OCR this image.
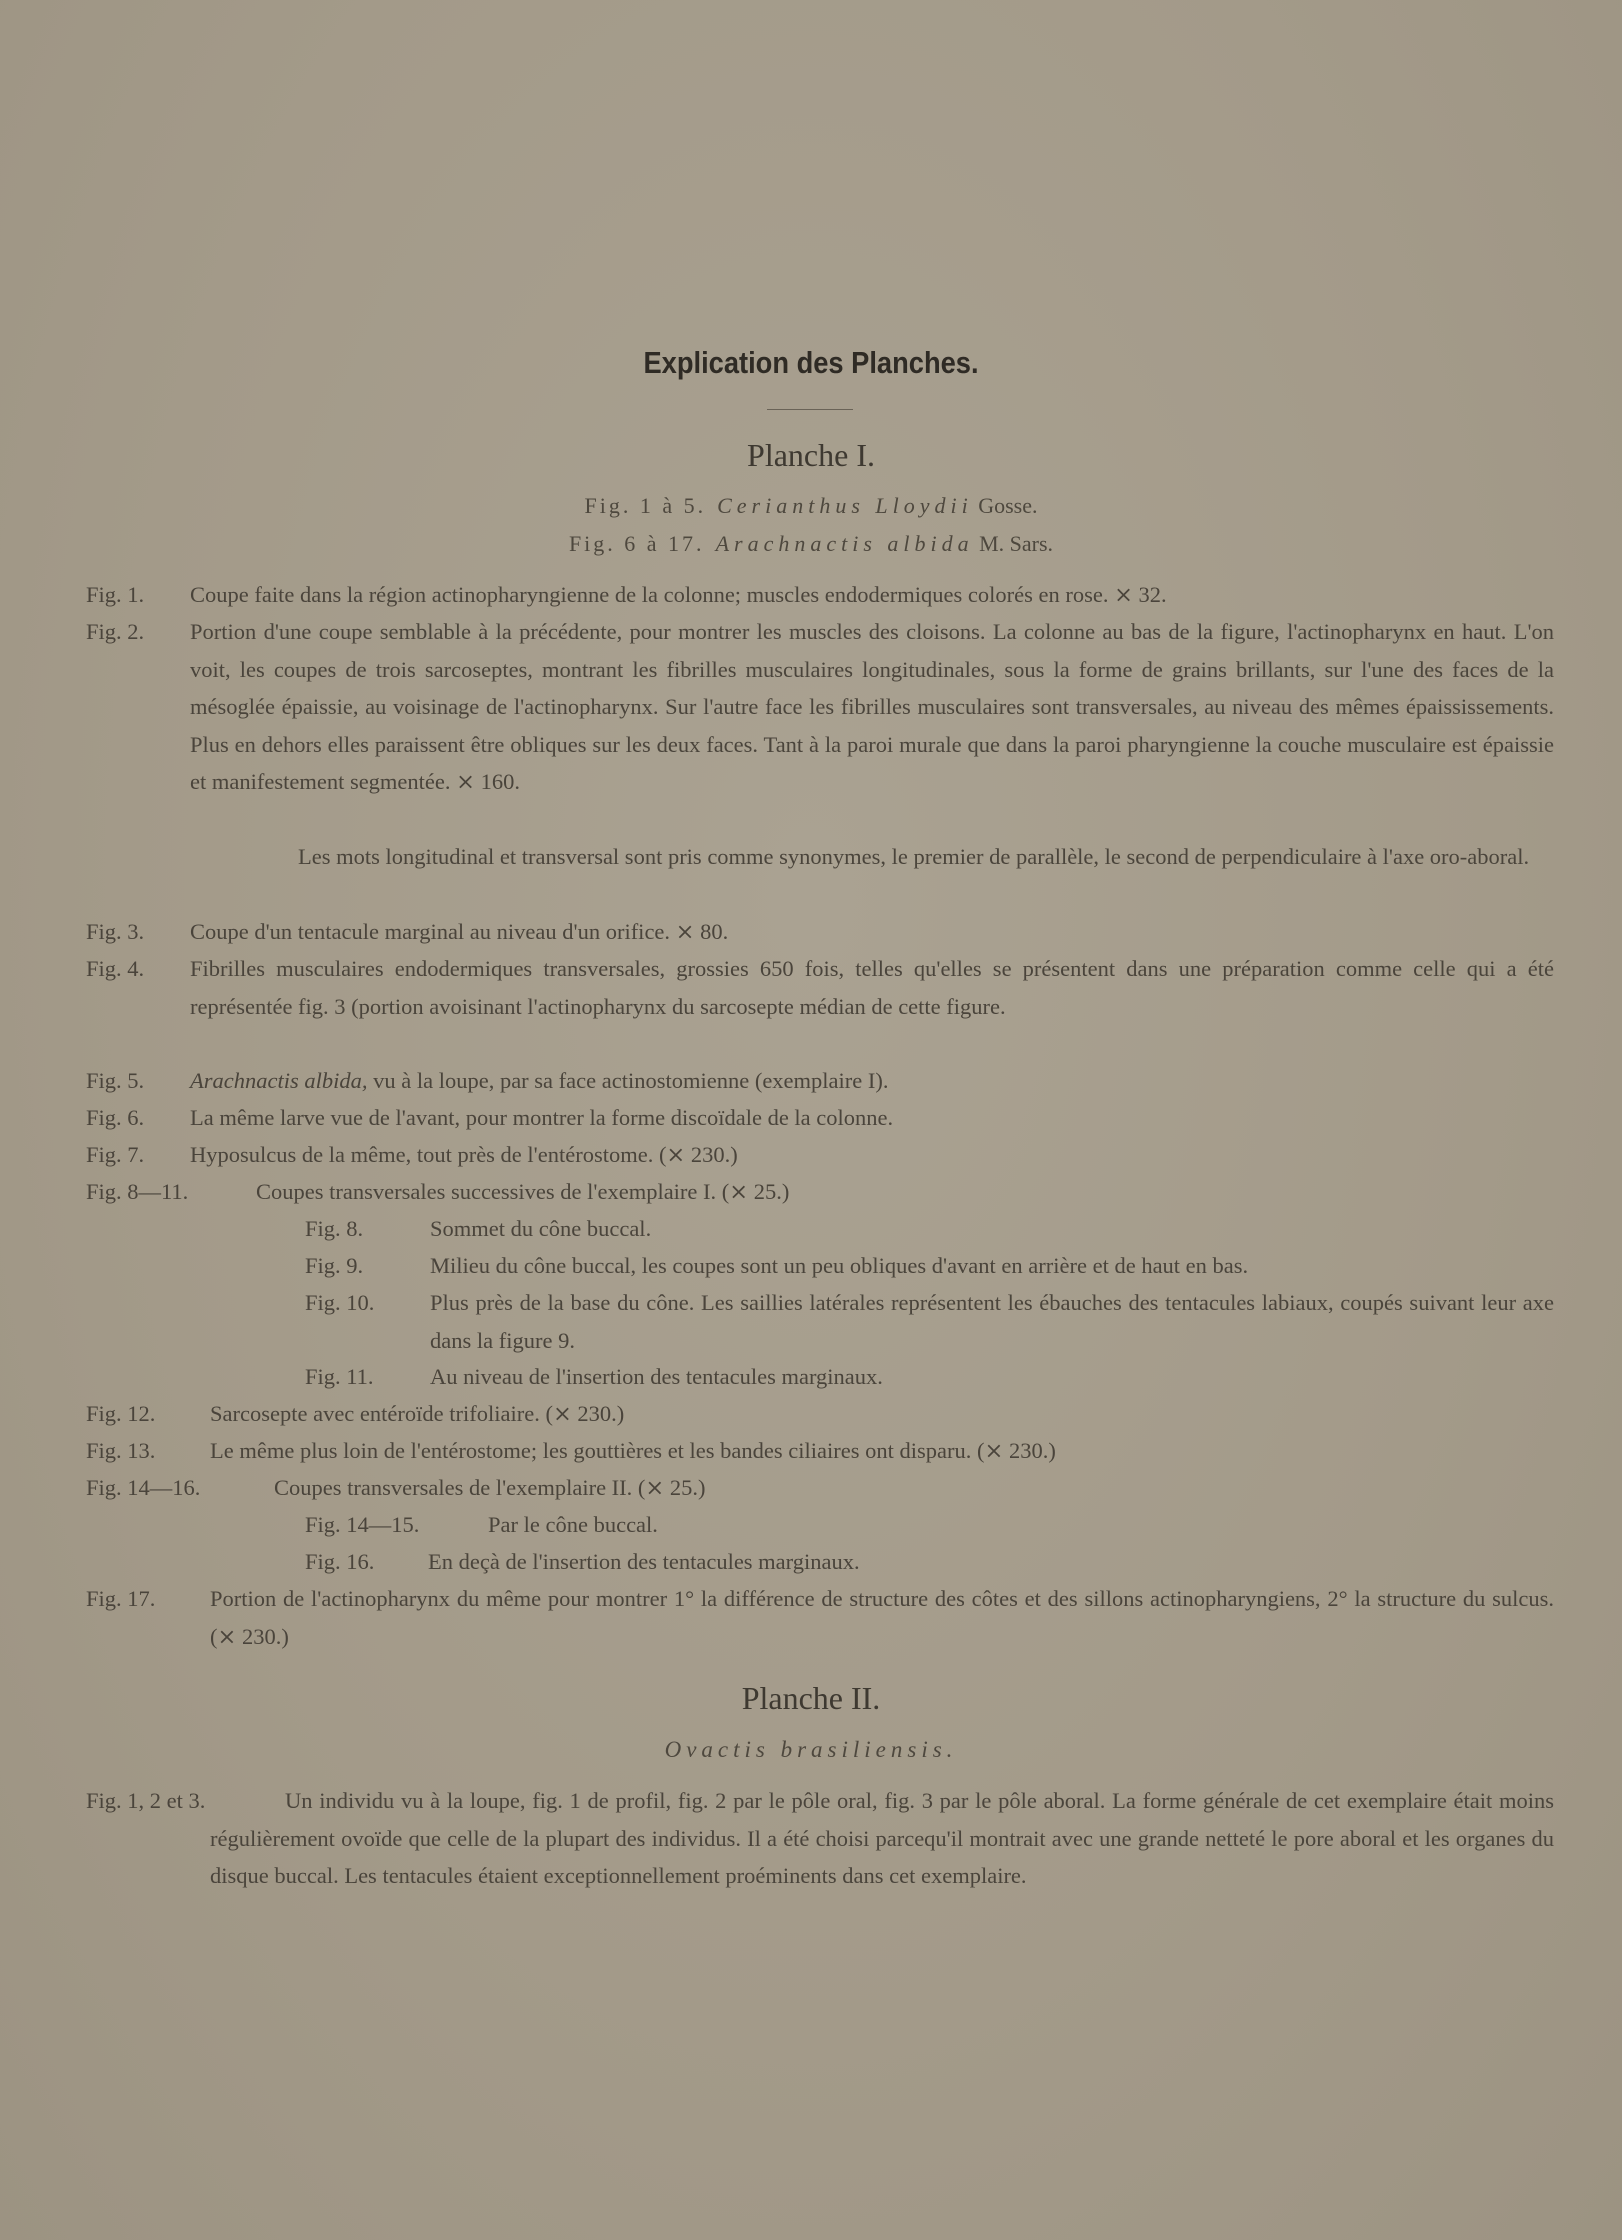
Explication des Planches.
Planche I.
Fig. 1 à 5. Cerianthus Lloydii Gosse.
Fig. 6 à 17. Arachnactis albida M. Sars.
Fig. 1. Coupe faite dans la région actinopharyngienne de la colonne; muscles endodermiques colorés en rose. ⨯ 32.
Fig. 2. Portion d'une coupe semblable à la précédente, pour montrer les muscles des cloisons. La colonne au bas de la figure, l'actinopharynx en haut. L'on voit, les coupes de trois sarcoseptes, montrant les fibrilles musculaires longitudinales, sous la forme de grains brillants, sur l'une des faces de la mésoglée épaissie, au voisinage de l'actinopharynx. Sur l'autre face les fibrilles musculaires sont transversales, au niveau des mêmes épaississements. Plus en dehors elles paraissent être obliques sur les deux faces. Tant à la paroi murale que dans la paroi pharyngienne la couche musculaire est épaissie et manifestement segmentée. ⨯ 160.
Les mots longitudinal et transversal sont pris comme synonymes, le premier de parallèle, le second de perpendiculaire à l'axe oro-aboral.
Fig. 3. Coupe d'un tentacule marginal au niveau d'un orifice. ⨯ 80.
Fig. 4. Fibrilles musculaires endodermiques transversales, grossies 650 fois, telles qu'elles se présentent dans une préparation comme celle qui a été représentée fig. 3 (portion avoisinant l'actinopharynx du sarcosepte médian de cette figure.
Fig. 5. Arachnactis albida, vu à la loupe, par sa face actinostomienne (exemplaire I).
Fig. 6. La même larve vue de l'avant, pour montrer la forme discoïdale de la colonne.
Fig. 7. Hyposulcus de la même, tout près de l'entérostome. (⨯ 230.)
Fig. 8—11.	Coupes transversales successives de l'exemplaire I. (⨯ 25.)
Fig. 8.	Sommet du cône buccal.
Fig. 9.	Milieu du cône buccal, les coupes sont un peu obliques d'avant en arrière et de haut en bas.
Fig. 10. Plus près de la base du cône. Les saillies latérales représentent les ébauches des tentacules labiaux, coupés suivant leur axe dans la figure 9.
Fig. 11.	Au niveau de l'insertion des tentacules marginaux.
Fig. 12. Sarcosepte avec entéroïde trifoliaire. (⨯ 230.)
Fig. 13. Le même plus loin de l'entérostome; les gouttières et les bandes ciliaires ont disparu. (⨯ 230.)
Fig. 14—16.	Coupes transversales de l'exemplaire II. (⨯ 25.)
Fig. 14—15.	Par le cône buccal.
Fig. 16. En deçà de l'insertion des tentacules marginaux.
Fig. 17. Portion de l'actinopharynx du même pour montrer 1° la différence de structure des côtes et des sillons actinopharyngiens, 2° la structure du sulcus. (⨯ 230.)
Planche II.
Ovactis brasiliensis.
Fig. 1, 2 et 3.	Un individu vu à la loupe, fig. 1 de profil, fig. 2 par le pôle oral, fig. 3 par le pôle aboral. La forme générale de cet exemplaire était moins régulièrement ovoïde que celle de la plupart des individus. Il a été choisi parcequ'il montrait avec une grande netteté le pore aboral et les organes du disque buccal. Les tentacules étaient exceptionnellement proéminents dans cet exemplaire.
